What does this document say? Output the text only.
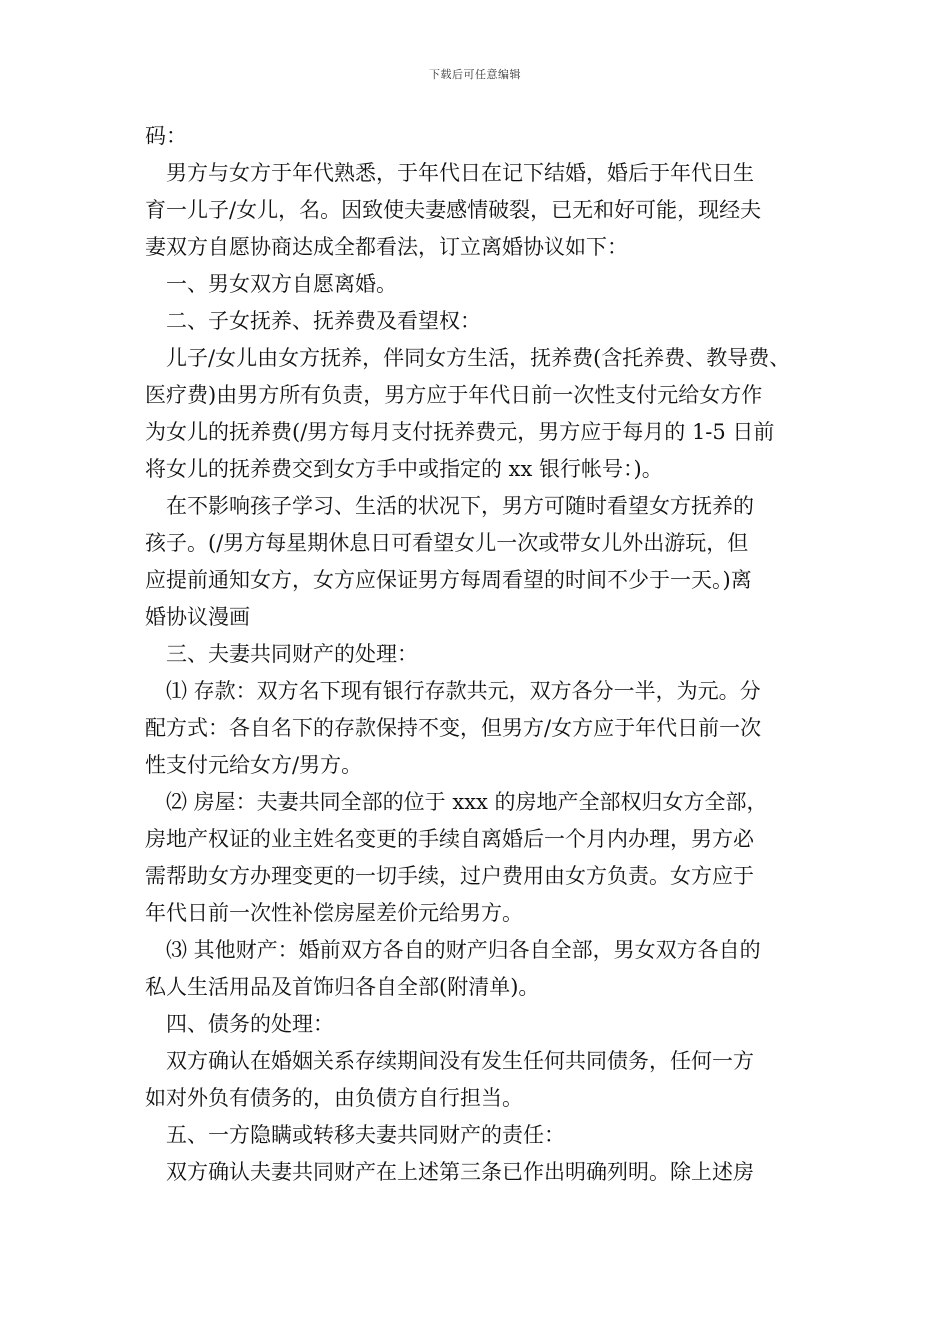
下载后可任意编辑
码：
　男方与女方于年代熟悉，于年代日在记下结婚，婚后于年代日生
育一儿子/女儿，名。因致使夫妻感情破裂，已无和好可能，现经夫
妻双方自愿协商达成全都看法，订立离婚协议如下：
　一、男女双方自愿离婚。
　二、子女抚养、抚养费及看望权：
　儿子/女儿由女方抚养，伴同女方生活，抚养费(含托养费、教导费、
医疗费)由男方所有负责，男方应于年代日前一次性支付元给女方作
为女儿的抚养费(/男方每月支付抚养费元，男方应于每月的 1-5 日前
将女儿的抚养费交到女方手中或指定的 xx 银行帐号：)。
　在不影响孩子学习、生活的状况下，男方可随时看望女方抚养的
孩子。(/男方每星期休息日可看望女儿一次或带女儿外出游玩，但
应提前通知女方，女方应保证男方每周看望的时间不少于一天。)离
婚协议漫画
　三、夫妻共同财产的处理：
　⑴ 存款：双方名下现有银行存款共元，双方各分一半，为元。分
配方式：各自名下的存款保持不变，但男方/女方应于年代日前一次
性支付元给女方/男方。
　⑵ 房屋：夫妻共同全部的位于 xxx 的房地产全部权归女方全部，
房地产权证的业主姓名变更的手续自离婚后一个月内办理，男方必
需帮助女方办理变更的一切手续，过户费用由女方负责。女方应于
年代日前一次性补偿房屋差价元给男方。
　⑶ 其他财产：婚前双方各自的财产归各自全部，男女双方各自的
私人生活用品及首饰归各自全部(附清单)。
　四、债务的处理：
　双方确认在婚姻关系存续期间没有发生任何共同债务，任何一方
如对外负有债务的，由负债方自行担当。
　五、一方隐瞒或转移夫妻共同财产的责任：
　双方确认夫妻共同财产在上述第三条已作出明确列明。除上述房
